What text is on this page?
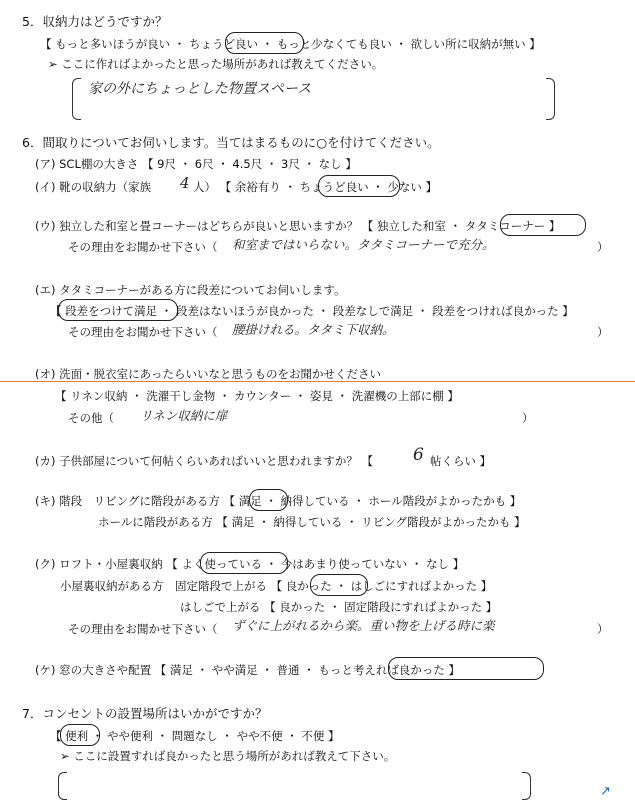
5．収納力はどうですか？
【 もっと多いほうが良い ・ ちょうど良い ・ もっと少なくても良い ・ 欲しい所に収納が無い 】
➢ ここに作ればよかったと思った場所があれば教えてください。
家の外にちょっとした物置スペース
6．間取りについてお伺いします。当てはまるものに○を付けてください。
(ア) SCL棚の大きさ 【 9尺 ・ 6尺 ・ 4.5尺 ・ 3尺 ・ なし 】
(イ) 靴の収納力（家族 4 人） 【 余裕有り ・ ちょうど良い ・ 少ない 】
(ウ) 独立した和室と畳コーナーはどちらが良いと思いますか？ 【 独立した和室 ・ タタミコーナー 】
その理由をお聞かせ下さい（ 和室まではいらない。タタミコーナーで充分。	）
(エ) タタミコーナーがある方に段差についてお伺いします。
【 段差をつけて満足 ・ 段差はないほうが良かった ・ 段差なしで満足 ・ 段差をつければ良かった 】
その理由をお聞かせ下さい（ 腰掛けれる。タタミ下収納。	）
(オ) 洗面・脱衣室にあったらいいなと思うものをお聞かせください
【 リネン収納 ・ 洗濯干し金物 ・ カウンター ・ 姿見 ・ 洗濯機の上部に棚 】
その他（ リネン収納に扉	）
(カ) 子供部屋について何帖くらいあればいいと思われますか？ 【 6 帖くらい 】
(キ) 階段　リビングに階段がある方 【 満足 ・ 納得している ・ ホール階段がよかったかも 】
ホールに階段がある方 【 満足 ・ 納得している ・ リビング階段がよかったかも 】
(ク) ロフト・小屋裏収納 【 よく使っている ・ 今はあまり使っていない ・ なし 】
小屋裏収納がある方　固定階段で上がる 【 良かった ・ はしごにすればよかった 】
はしごで上がる 【 良かった ・ 固定階段にすればよかった 】
その理由をお聞かせ下さい（ ずぐに上がれるから楽。重い物を上げる時に楽	）
(ケ) 窓の大きさや配置 【 満足 ・ やや満足 ・ 普通 ・ もっと考えれば良かった 】
7．コンセントの設置場所はいかがですか？
【 便利 ・ やや便利 ・ 問題なし ・ やや不便 ・ 不便 】
➢ ここに設置すれば良かったと思う場所があれば教えて下さい。
↗
